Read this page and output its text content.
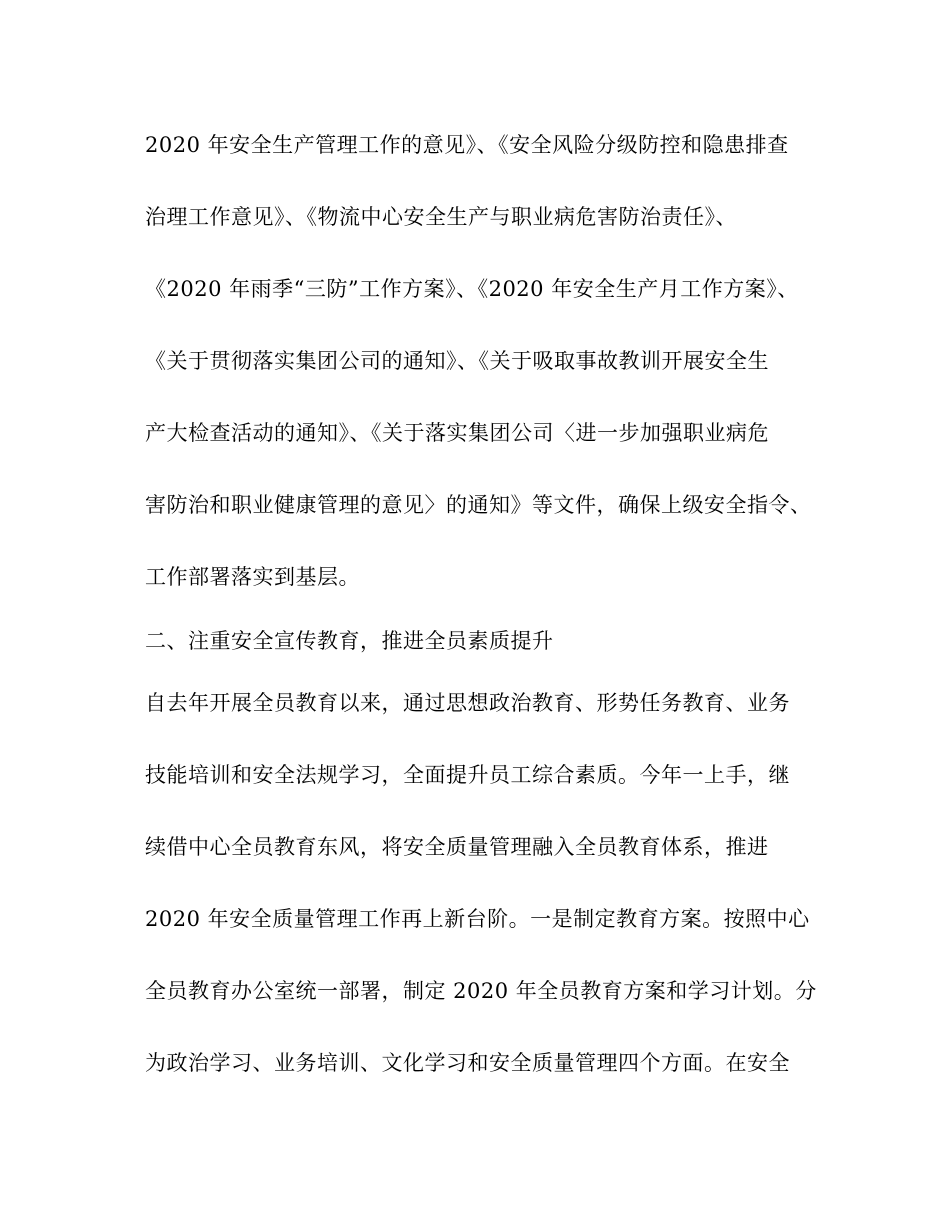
2020 年安全生产管理工作的意见》、《安全风险分级防控和隐患排查
治理工作意见》、《物流中心安全生产与职业病危害防治责任》、
《2020 年雨季“三防”工作方案》、《2020 年安全生产月工作方案》、
《关于贯彻落实集团公司的通知》、《关于吸取事故教训开展安全生
产大检查活动的通知》、《关于落实集团公司〈进一步加强职业病危
害防治和职业健康管理的意见〉的通知》等文件，确保上级安全指令、
工作部署落实到基层。
二、注重安全宣传教育，推进全员素质提升
自去年开展全员教育以来，通过思想政治教育、形势任务教育、业务
技能培训和安全法规学习，全面提升员工综合素质。今年一上手，继
续借中心全员教育东风，将安全质量管理融入全员教育体系，推进
2020 年安全质量管理工作再上新台阶。一是制定教育方案。按照中心
全员教育办公室统一部署，制定 2020 年全员教育方案和学习计划。分
为政治学习、业务培训、文化学习和安全质量管理四个方面。在安全
